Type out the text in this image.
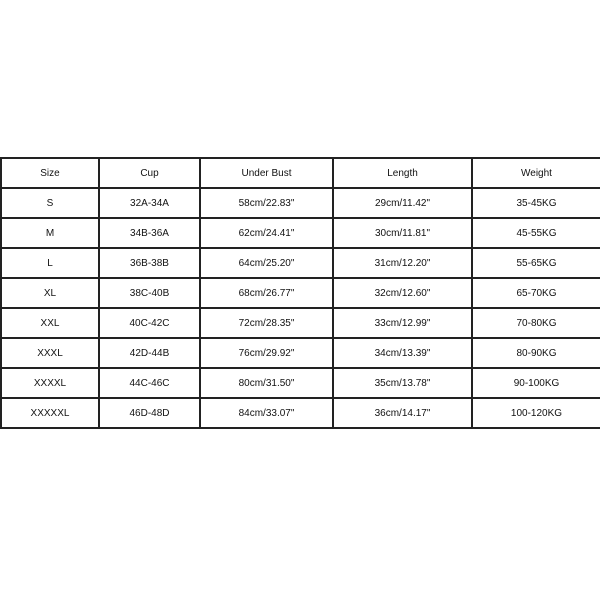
Size	Cup	Under Bust	Length	Weight
S	32A-34A	58cm/22.83"	29cm/11.42"	35-45KG
M	34B-36A	62cm/24.41"	30cm/11.81"	45-55KG
L	36B-38B	64cm/25.20"	31cm/12.20"	55-65KG
XL	38C-40B	68cm/26.77"	32cm/12.60"	65-70KG
XXL	40C-42C	72cm/28.35"	33cm/12.99"	70-80KG
XXXL	42D-44B	76cm/29.92"	34cm/13.39"	80-90KG
XXXXL	44C-46C	80cm/31.50"	35cm/13.78"	90-100KG
XXXXXL	46D-48D	84cm/33.07"	36cm/14.17"	100-120KG
